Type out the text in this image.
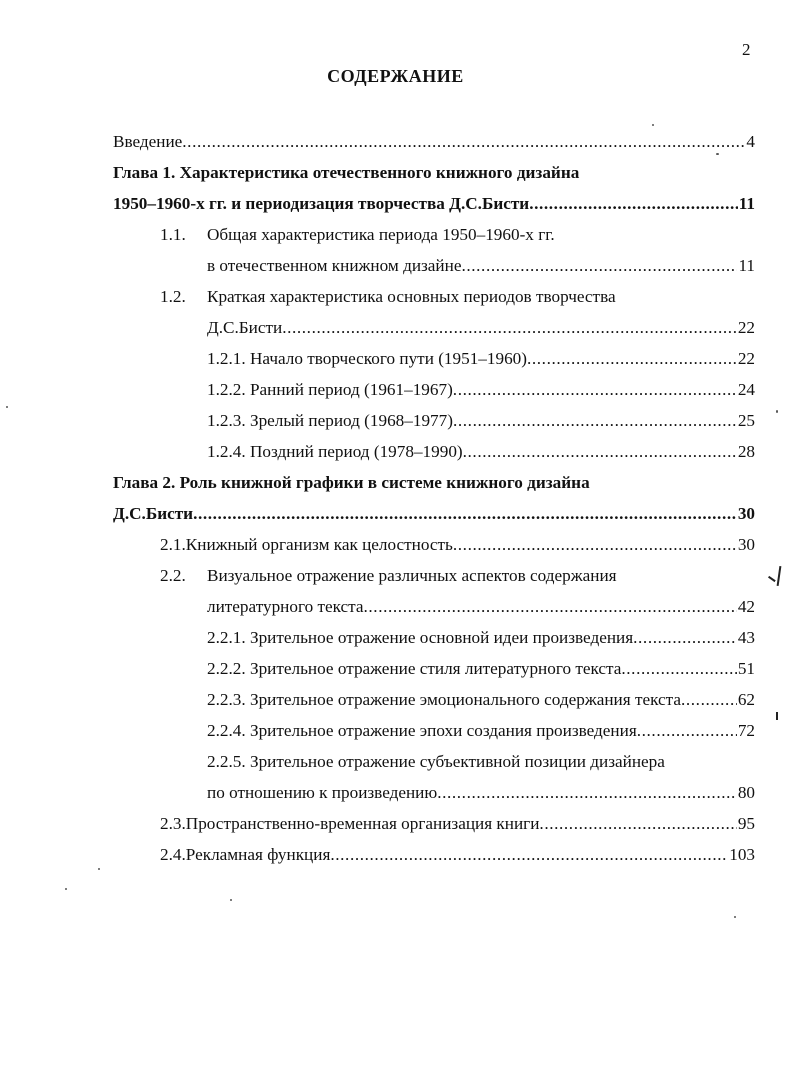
2
СОДЕРЖАНИЕ
Введение .....	4
Глава 1. Характеристика отечественного книжного дизайна
1950–1960-х гг. и периодизация творчества Д.С.Бисти .....	11
1.1.	Общая характеристика периода 1950–1960-х гг.
в отечественном книжном дизайне .....	11
1.2.	Краткая характеристика основных периодов творчества
Д.С.Бисти .....	22
1.2.1. Начало творческого пути (1951–1960) .....	22
1.2.2. Ранний период (1961–1967) .....	24
1.2.3. Зрелый период (1968–1977) .....	25
1.2.4. Поздний период (1978–1990) .....	28
Глава 2. Роль книжной графики в системе книжного дизайна
Д.С.Бисти .....	30
2.1. Книжный организм как целостность .....	30
2.2.	Визуальное отражение различных аспектов содержания
литературного текста .....	42
2.2.1. Зрительное отражение основной идеи произведения .....	43
2.2.2. Зрительное отражение стиля литературного текста .....	51
2.2.3. Зрительное отражение эмоционального содержания текста .....	62
2.2.4. Зрительное отражение эпохи создания произведения .....	72
2.2.5. Зрительное отражение субъективной позиции дизайнера
по отношению к произведению .....	80
2.3. Пространственно-временная организация книги .....	95
2.4. Рекламная функция .....	103
